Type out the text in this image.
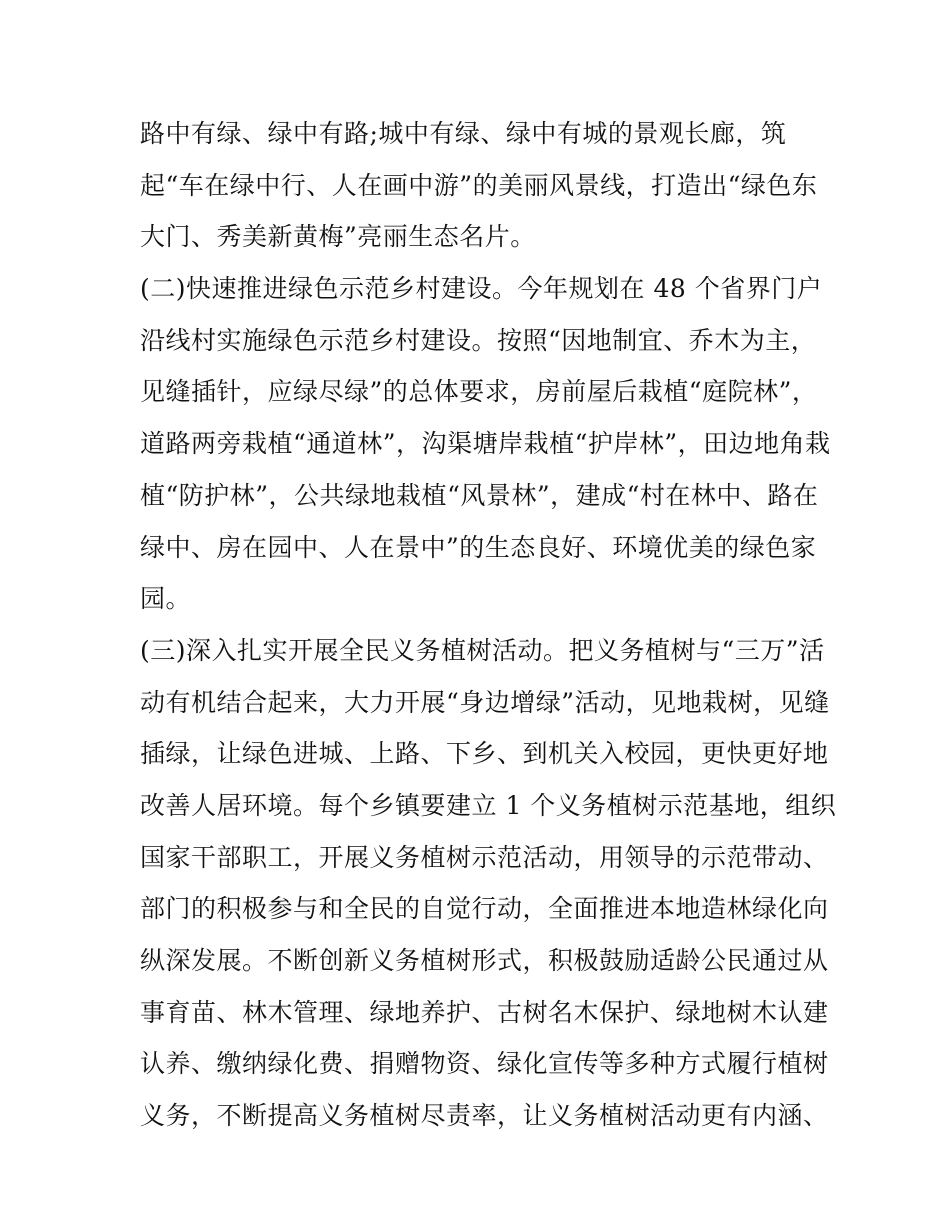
路中有绿、绿中有路;城中有绿、绿中有城的景观长廊，筑
起“车在绿中行、人在画中游”的美丽风景线，打造出“绿色东
大门、秀美新黄梅”亮丽生态名片。
(二)快速推进绿色示范乡村建设。今年规划在 48 个省界门户
沿线村实施绿色示范乡村建设。按照“因地制宜、乔木为主，
见缝插针，应绿尽绿”的总体要求，房前屋后栽植“庭院林”，
道路两旁栽植“通道林”，沟渠塘岸栽植“护岸林”，田边地角栽
植“防护林”，公共绿地栽植“风景林”，建成“村在林中、路在
绿中、房在园中、人在景中”的生态良好、环境优美的绿色家
园。
(三)深入扎实开展全民义务植树活动。把义务植树与“三万”活
动有机结合起来，大力开展“身边增绿”活动，见地栽树，见缝
插绿，让绿色进城、上路、下乡、到机关入校园，更快更好地
改善人居环境。每个乡镇要建立 1 个义务植树示范基地，组织
国家干部职工，开展义务植树示范活动，用领导的示范带动、
部门的积极参与和全民的自觉行动，全面推进本地造林绿化向
纵深发展。不断创新义务植树形式，积极鼓励适龄公民通过从
事育苗、林木管理、绿地养护、古树名木保护、绿地树木认建
认养、缴纳绿化费、捐赠物资、绿化宣传等多种方式履行植树
义务，不断提高义务植树尽责率，让义务植树活动更有内涵、
